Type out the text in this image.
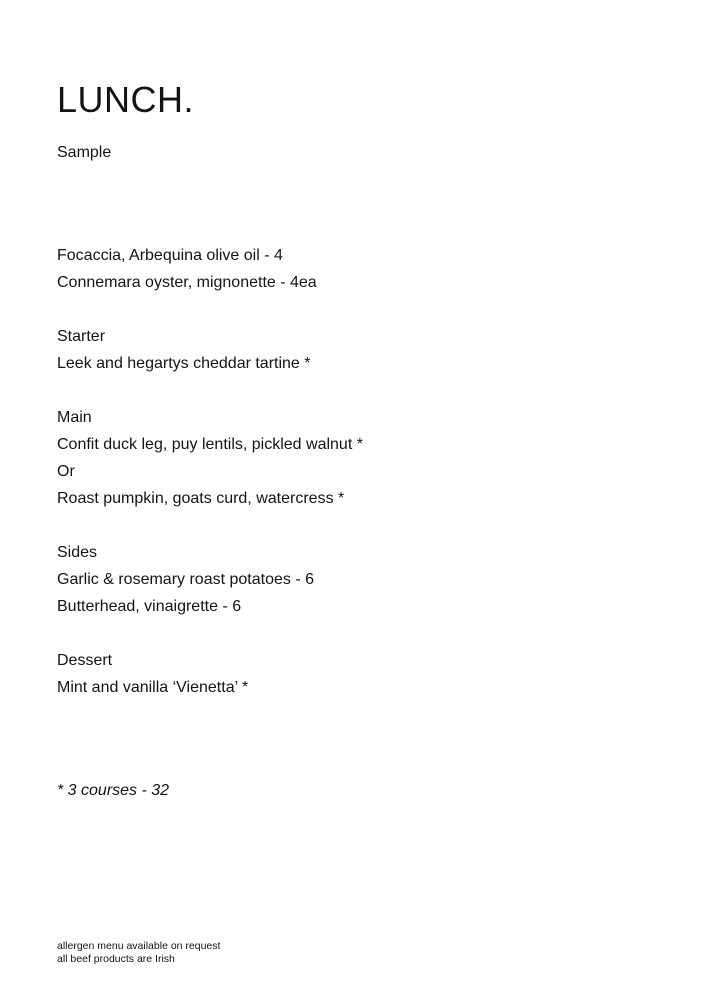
LUNCH.
Sample
Focaccia, Arbequina olive oil - 4
Connemara oyster, mignonette - 4ea
Starter
Leek and hegartys cheddar tartine *
Main
Confit duck leg, puy lentils, pickled walnut *
Or
Roast pumpkin, goats curd, watercress *
Sides
Garlic & rosemary roast potatoes - 6
Butterhead, vinaigrette - 6
Dessert
Mint and vanilla ‘Vienetta’ *
* 3 courses - 32
allergen menu available on request
all beef products are Irish
